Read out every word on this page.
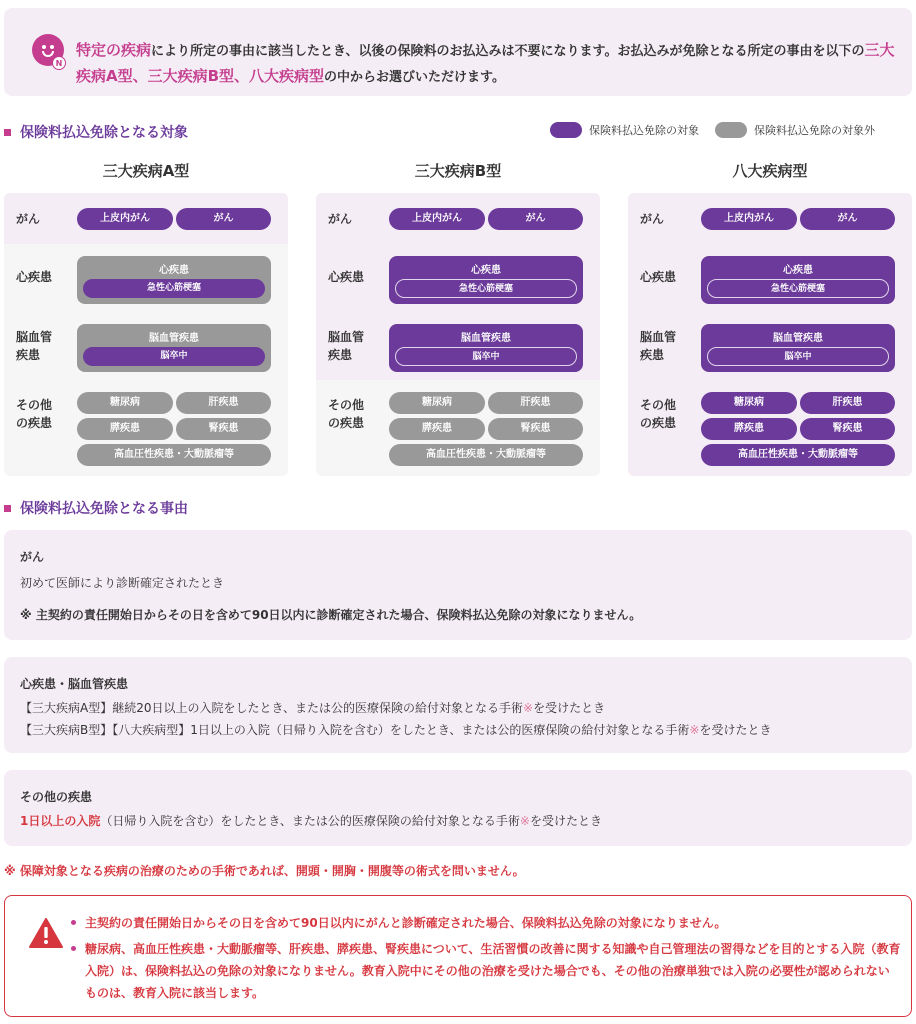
N
特定の疾病により所定の事由に該当したとき、以後の保険料のお払込みは不要になります。お払込みが免除となる所定の事由を以下の三大疾病A型、三大疾病B型、八大疾病型の中からお選びいただけます。
保険料払込免除となる対象	保険料払込免除の対象	保険料払込免除の対象外
三大疾病A型	三大疾病B型	八大疾病型
がん	上皮内がん	がん
心疾患	心疾患
急性心筋梗塞
脳血管
疾患
脳血管疾患
脳卒中
その他
の疾患
糖尿病	肝疾患
膵疾患	腎疾患
高血圧性疾患・大動脈瘤等
がん	上皮内がん	がん
心疾患	心疾患
急性心筋梗塞
脳血管
疾患
脳血管疾患
脳卒中
その他
の疾患
糖尿病	肝疾患
膵疾患	腎疾患
高血圧性疾患・大動脈瘤等
がん	上皮内がん	がん
心疾患	心疾患
急性心筋梗塞
脳血管
疾患
脳血管疾患
脳卒中
その他
の疾患
糖尿病	肝疾患
膵疾患	腎疾患
高血圧性疾患・大動脈瘤等
保険料払込免除となる事由
がん
初めて医師により診断確定されたとき
※ 主契約の責任開始日からその日を含めて90日以内に診断確定された場合、保険料払込免除の対象になりません。
心疾患・脳血管疾患
【三大疾病A型】継続20日以上の入院をしたとき、または公的医療保険の給付対象となる手術※を受けたとき
【三大疾病B型】【八大疾病型】1日以上の入院（日帰り入院を含む）をしたとき、または公的医療保険の給付対象となる手術※を受けたとき
その他の疾患
1日以上の入院（日帰り入院を含む）をしたとき、または公的医療保険の給付対象となる手術※を受けたとき
※ 保障対象となる疾病の治療のための手術であれば、開頭・開胸・開腹等の術式を問いません。
主契約の責任開始日からその日を含めて90日以内にがんと診断確定された場合、保険料払込免除の対象になりません。
糖尿病、高血圧性疾患・大動脈瘤等、肝疾患、膵疾患、腎疾患について、生活習慣の改善に関する知識や自己管理法の習得などを目的とする入院（教育入院）は、保険料払込の免除の対象になりません。教育入院中にその他の治療を受けた場合でも、その他の治療単独では入院の必要性が認められないものは、教育入院に該当します。
